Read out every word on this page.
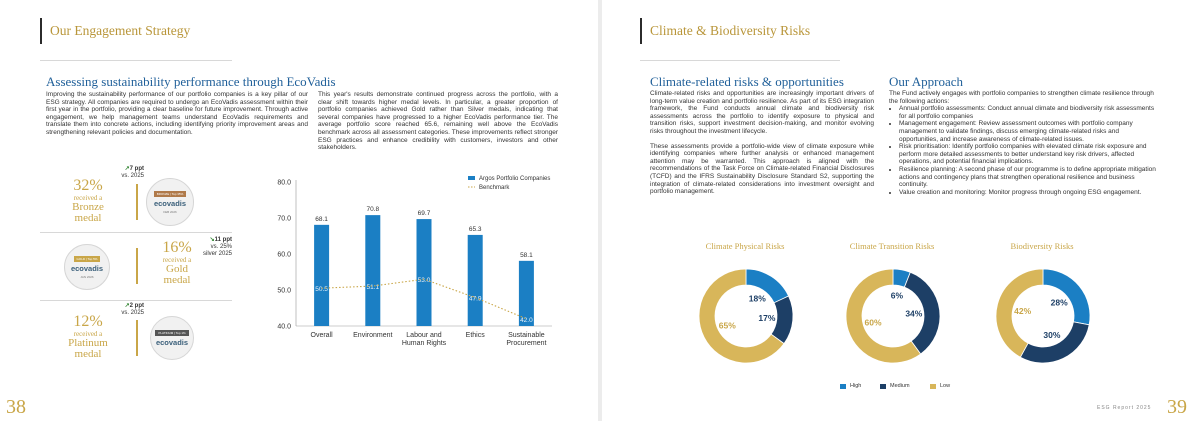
Our Engagement Strategy
Assessing sustainability performance through EcoVadis

Improving the sustainability performance of our portfolio companies is a key pillar of our ESG strategy. All companies are required to undergo an EcoVadis assessment within their first year in the portfolio, providing a clear baseline for future improvement. Through active engagement, we help management teams understand EcoVadis requirements and translate them into concrete actions, including identifying priority improvement areas and strengthening relevant policies and documentation.

This year's results demonstrate continued progress across the portfolio, with a clear shift towards higher medal levels. In particular, a greater proportion of portfolio companies achieved Gold rather than Silver medals, indicating that several companies have progressed to a higher EcoVadis performance tier. The average portfolio score reached 65.6, remaining well above the EcoVadis benchmark across all assessment categories. These improvements reflect stronger ESG practices and enhance credibility with customers, investors and other stakeholders.

↗7 ppt
vs. 2025
32%
received a
Bronze
medal
BRONZE | Top 35%
ecovadis
FEB 2026
GOLD | Top 5%
ecovadis
JAN 2026
16%
received a
Gold
medal
↘11 ppt
vs. 25%
silver 2025
↗2 ppt
vs. 2025
12%
received a
Platinum
medal
PLATINUM | Top 1%
ecovadis
80.0
70.0
60.0
50.0
40.0
68.1
50.5
Overall
70.8
51.1
Environment
69.7
53.0
Labour and
Human Rights
65.3
47.9
Ethics
58.1
42.0
Sustainable
Procurement
Argos Portfolio Companies
Benchmark
38
Climate & Biodiversity Risks
Climate-related risks & opportunities

Climate-related risks and opportunities are increasingly important drivers of long-term value creation and portfolio resilience. As part of its ESG integration framework, the Fund conducts annual climate and biodiversity risk assessments across the portfolio to identify exposure to physical and transition risks, support investment decision-making, and monitor evolving risks throughout the investment lifecycle.

These assessments provide a portfolio-wide view of climate exposure while identifying companies where further analysis or enhanced management attention may be warranted. This approach is aligned with the recommendations of the Task Force on Climate-related Financial Disclosures (TCFD) and the IFRS Sustainability Disclosure Standard S2, supporting the integration of climate-related considerations into investment oversight and portfolio management.

Our Approach
The Fund actively engages with portfolio companies to strengthen climate resilience through the following actions:
• Annual portfolio assessments: Conduct annual climate and biodiversity risk assessments for all portfolio companies
• Management engagement: Review assessment outcomes with portfolio company management to validate findings, discuss emerging climate-related risks and opportunities, and increase awareness of climate-related issues.
• Risk prioritisation: Identify portfolio companies with elevated climate risk exposure and perform more detailed assessments to better understand key risk drivers, affected operations, and potential financial implications.
• Resilience planning: A second phase of our programme is to define appropriate mitigation actions and contingency plans that strengthen operational resilience and business continuity.
• Value creation and monitoring: Monitor progress through ongoing ESG engagement.
Climate Physical Risks	Climate Transition Risks	Biodiversity Risks
18%
17%
65%
6%
34%
60%
28%
30%
42%
High	Medium	Low
ESG Report 2025 39
